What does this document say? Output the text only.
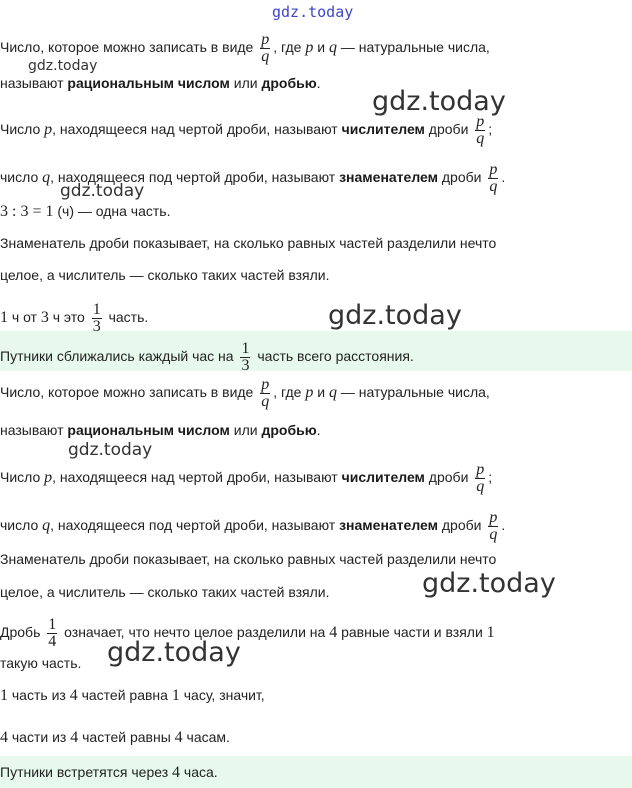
Число, которое можно записать в виде $\frac{p}{q}$ , где p и q — натуральные числа,
называют рациональным числом или дробью.
Число p, находящееся над чертой дроби, называют числителем дроби $\frac{p}{q}$ ;
число q, находящееся под чертой дроби, называют знаменателем дроби $\frac{p}{q}$ .
3 : 3 = 1 (ч) — одна часть.
Знаменатель дроби показывает, на сколько равных частей разделили нечто
целое, а числитель — сколько таких частей взяли.
1 ч от 3 ч это $\frac{1}{3}$ часть.
Путники сближались каждый час на $\frac{1}{3}$ часть всего расстояния.
Число, которое можно записать в виде $\frac{p}{q}$ , где p и q — натуральные числа,
называют рациональным числом или дробью.
Число p, находящееся над чертой дроби, называют числителем дроби $\frac{p}{q}$ ;
число q, находящееся под чертой дроби, называют знаменателем дроби $\frac{p}{q}$ .
Знаменатель дроби показывает, на сколько равных частей разделили нечто
целое, а числитель — сколько таких частей взяли.
Дробь $\frac{1}{4}$ означает, что нечто целое разделили на 4 равные части и взяли 1
такую часть.
1 часть из 4 частей равна 1 часу, значит,
4 части из 4 частей равны 4 часам.
Путники встретятся через 4 часа.
gdz.today
gdz.today
gdz.today
gdz.today
gdz.today
gdz.today
gdz.today
gdz.today
